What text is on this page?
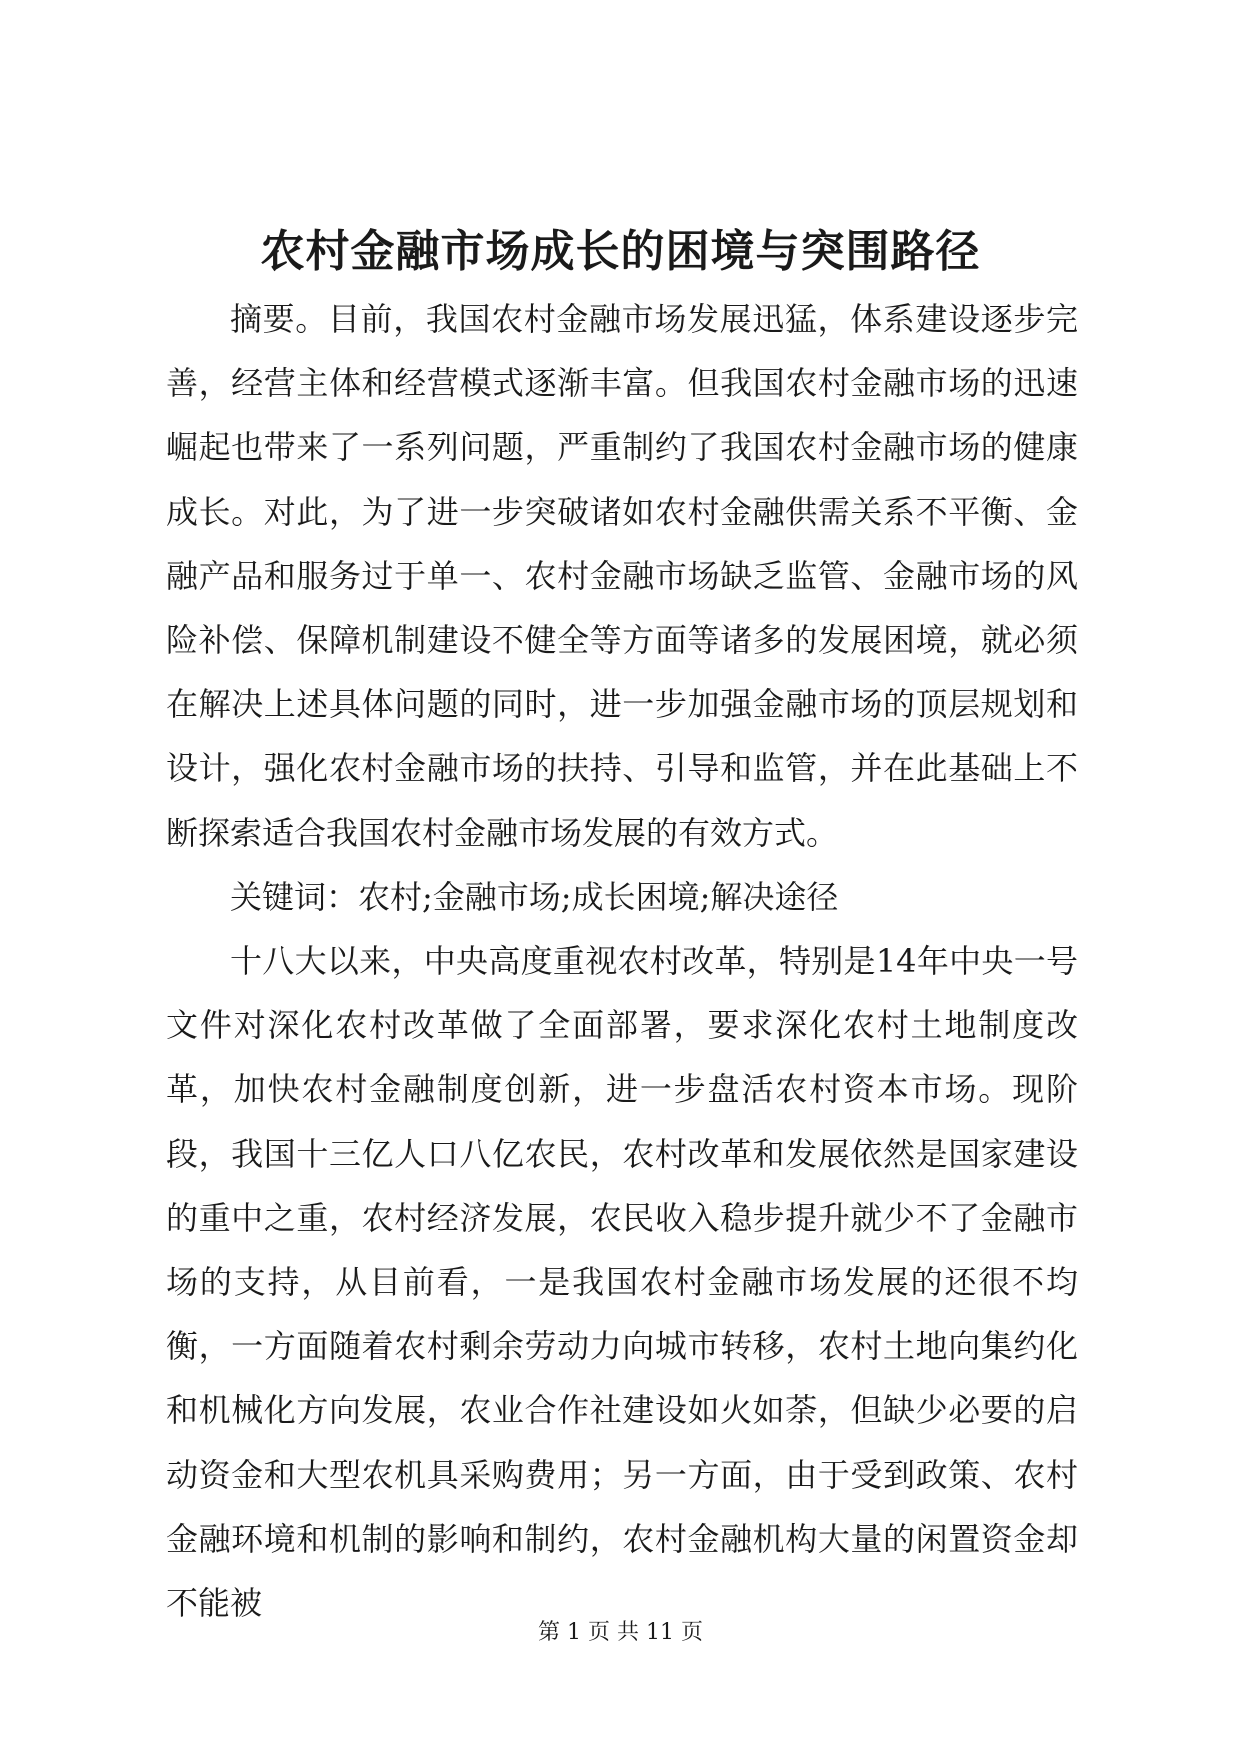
农村金融市场成长的困境与突围路径

摘要。目前，我国农村金融市场发展迅猛，体系建设逐步完善，经营主体和经营模式逐渐丰富。但我国农村金融市场的迅速崛起也带来了一系列问题，严重制约了我国农村金融市场的健康成长。对此，为了进一步突破诸如农村金融供需关系不平衡、金融产品和服务过于单一、农村金融市场缺乏监管、金融市场的风险补偿、保障机制建设不健全等方面等诸多的发展困境，就必须在解决上述具体问题的同时，进一步加强金融市场的顶层规划和设计，强化农村金融市场的扶持、引导和监管，并在此基础上不断探索适合我国农村金融市场发展的有效方式。

关键词：农村;金融市场;成长困境;解决途径

十八大以来，中央高度重视农村改革，特别是14年中央一号文件对深化农村改革做了全面部署，要求深化农村土地制度改革，加快农村金融制度创新，进一步盘活农村资本市场。现阶段，我国十三亿人口八亿农民，农村改革和发展依然是国家建设的重中之重，农村经济发展，农民收入稳步提升就少不了金融市场的支持，从目前看，一是我国农村金融市场发展的还很不均衡，一方面随着农村剩余劳动力向城市转移，农村土地向集约化和机械化方向发展，农业合作社建设如火如荼，但缺少必要的启动资金和大型农机具采购费用；另一方面，由于受到政策、农村金融环境和机制的影响和制约，农村金融机构大量的闲置资金却不能被

第 1 页 共 11 页
